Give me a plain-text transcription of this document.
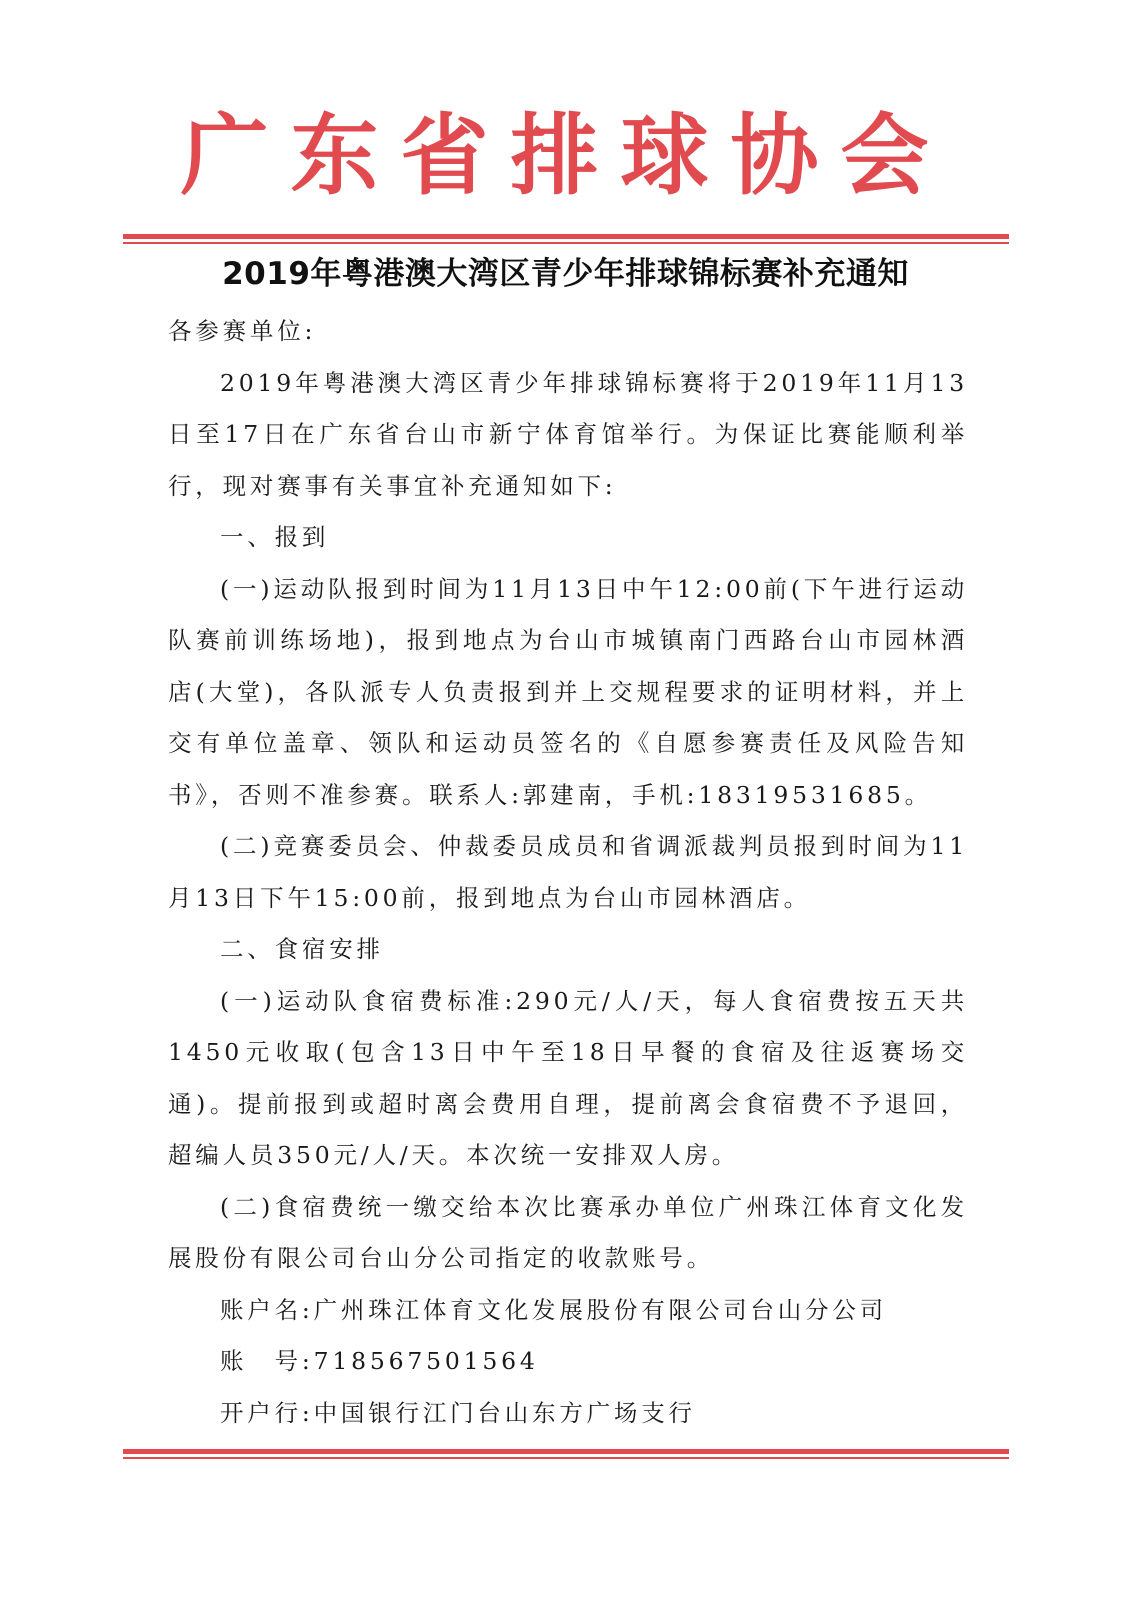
广东省排球协会
2019年粤港澳大湾区青少年排球锦标赛补充通知

各参赛单位:

2019年粤港澳大湾区青少年排球锦标赛将于2019年11月13日至17日在广东省台山市新宁体育馆举行。为保证比赛能顺利举行，现对赛事有关事宜补充通知如下:

一、报到

(一)运动队报到时间为11月13日中午12:00前(下午进行运动队赛前训练场地)，报到地点为台山市城镇南门西路台山市园林酒店(大堂)，各队派专人负责报到并上交规程要求的证明材料，并上交有单位盖章、领队和运动员签名的《自愿参赛责任及风险告知书》，否则不准参赛。联系人:郭建南，手机:18319531685。

(二)竞赛委员会、仲裁委员成员和省调派裁判员报到时间为11月13日下午15:00前，报到地点为台山市园林酒店。

二、食宿安排

(一)运动队食宿费标准:290元/人/天，每人食宿费按五天共1450元收取(包含13日中午至18日早餐的食宿及往返赛场交通)。提前报到或超时离会费用自理，提前离会食宿费不予退回，超编人员350元/人/天。本次统一安排双人房。

(二)食宿费统一缴交给本次比赛承办单位广州珠江体育文化发展股份有限公司台山分公司指定的收款账号。

账户名:广州珠江体育文化发展股份有限公司台山分公司

账　号:718567501564

开户行:中国银行江门台山东方广场支行
